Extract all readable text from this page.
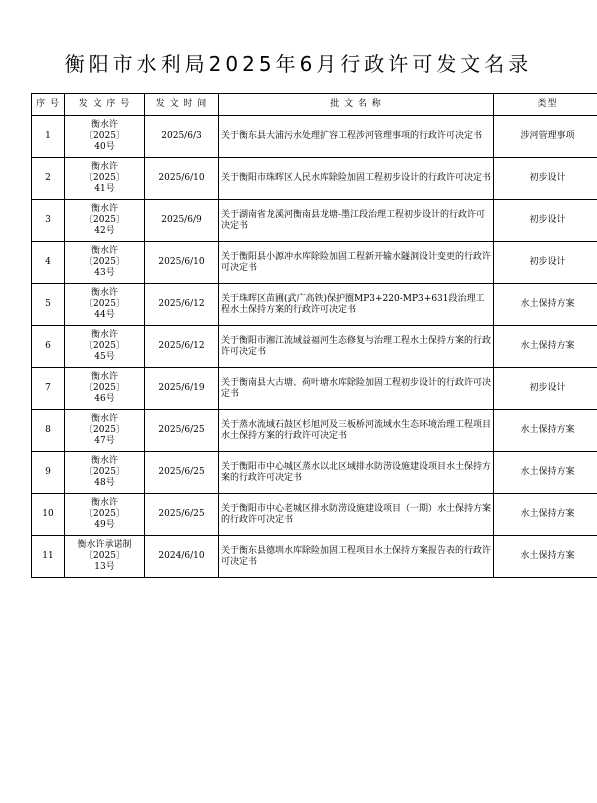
衡阳市水利局2025年6月行政许可发文名录
序 号	发 文 序 号	发 文 时 间	批 文 名 称	类型
1	衡水许
〔2025〕
40号	2025/6/3	关于衡东县大浦污水处理扩容工程涉河管理事项的行政许可决定书	涉河管理事项
2	衡水许
〔2025〕
41号	2025/6/10	关于衡阳市珠晖区人民水库除险加固工程初步设计的行政许可决定书	初步设计
3	衡水许
〔2025〕
42号	2025/6/9	关于湖南省龙溪河衡南县龙塘-墨江段治理工程初步设计的行政许可决定书	初步设计
4	衡水许
〔2025〕
43号	2025/6/10	关于衡阳县小源冲水库除险加固工程新开输水隧洞设计变更的行政许可决定书	初步设计
5	衡水许
〔2025〕
44号	2025/6/12	关于珠晖区苗圃(武广高铁)保护圈MP3+220-MP3+631段治理工程水土保持方案的行政许可决定书	水土保持方案
6	衡水许
〔2025〕
45号	2025/6/12	关于衡阳市湘江流域益福河生态修复与治理工程水土保持方案的行政许可决定书	水土保持方案
7	衡水许
〔2025〕
46号	2025/6/19	关于衡南县大古塘、荷叶塘水库除险加固工程初步设计的行政许可决定书	初步设计
8	衡水许
〔2025〕
47号	2025/6/25	关于蒸水流域石鼓区杉旭河及三板桥河流域水生态环境治理工程项目水土保持方案的行政许可决定书	水土保持方案
9	衡水许
〔2025〕
48号	2025/6/25	关于衡阳市中心城区蒸水以北区域排水防涝设施建设项目水土保持方案的行政许可决定书	水土保持方案
10	衡水许
〔2025〕
49号	2025/6/25	关于衡阳市中心老城区排水防涝设施建设项目（一期）水土保持方案的行政许可决定书	水土保持方案
11	衡水许承诺制
〔2025〕
13号	2024/6/10	关于衡东县德圳水库除险加固工程项目水土保持方案报告表的行政许可决定书	水土保持方案
